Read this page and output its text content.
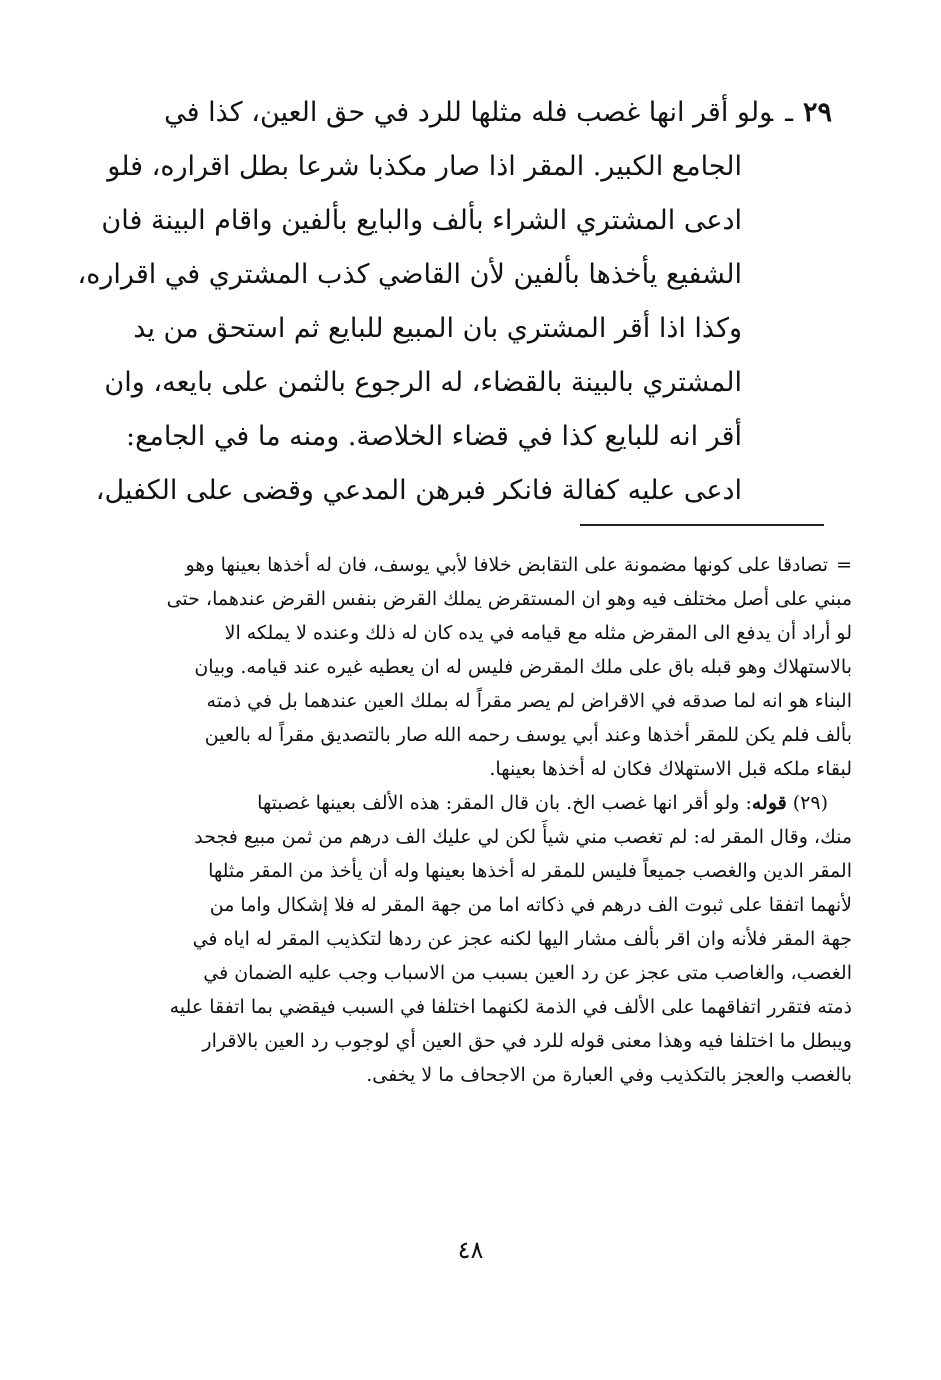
٢٩ـولو أقر انها غصب فله مثلها للرد في حق العين، كذا في
الجامع الكبير. المقر اذا صار مكذبا شرعا بطل اقراره، فلو
ادعى المشتري الشراء بألف والبايع بألفين واقام البينة فان
الشفيع يأخذها بألفين لأن القاضي كذب المشتري في اقراره،
وكذا اذا أقر المشتري بان المبيع للبايع ثم استحق من يد
المشتري بالبينة بالقضاء، له الرجوع بالثمن على بايعه، وان
أقر انه للبايع كذا في قضاء الخلاصة. ومنه ما في الجامع:
ادعى عليه كفالة فانكر فبرهن المدعي وقضى على الكفيل،
=تصادقا على كونها مضمونة على التقابض خلافا لأبي يوسف، فان له أخذها بعينها وهو
مبني على أصل مختلف فيه وهو ان المستقرض يملك القرض بنفس القرض عندهما، حتى
لو أراد أن يدفع الى المقرض مثله مع قيامه في يده كان له ذلك وعنده لا يملكه الا
بالاستهلاك وهو قبله باق على ملك المقرض فليس له ان يعطيه غيره عند قيامه. وبيان
البناء هو انه لما صدقه في الاقراض لم يصر مقراً له بملك العين عندهما بل في ذمته
بألف فلم يكن للمقر أخذها وعند أبي يوسف رحمه الله صار بالتصديق مقراً له بالعين
لبقاء ملكه قبل الاستهلاك فكان له أخذها بعينها.
(٢٩)قوله: ولو أقر انها غصب الخ. بان قال المقر: هذه الألف بعينها غصبتها
منك، وقال المقر له: لم تغصب مني شيأً لكن لي عليك الف درهم من ثمن مبيع فجحد
المقر الدين والغصب جميعاً فليس للمقر له أخذها بعينها وله أن يأخذ من المقر مثلها
لأنهما اتفقا على ثبوت الف درهم في ذكاته اما من جهة المقر له فلا إشكال واما من
جهة المقر فلأنه وان اقر بألف مشار اليها لكنه عجز عن ردها لتكذيب المقر له اياه في
الغصب، والغاصب متى عجز عن رد العين بسبب من الاسباب وجب عليه الضمان في
ذمته فتقرر اتفاقهما على الألف في الذمة لكنهما اختلفا في السبب فيقضي بما اتفقا عليه
ويبطل ما اختلفا فيه وهذا معنى قوله للرد في حق العين أي لوجوب رد العين بالاقرار
بالغصب والعجز بالتكذيب وفي العبارة من الاجحاف ما لا يخفى.
٤٨
